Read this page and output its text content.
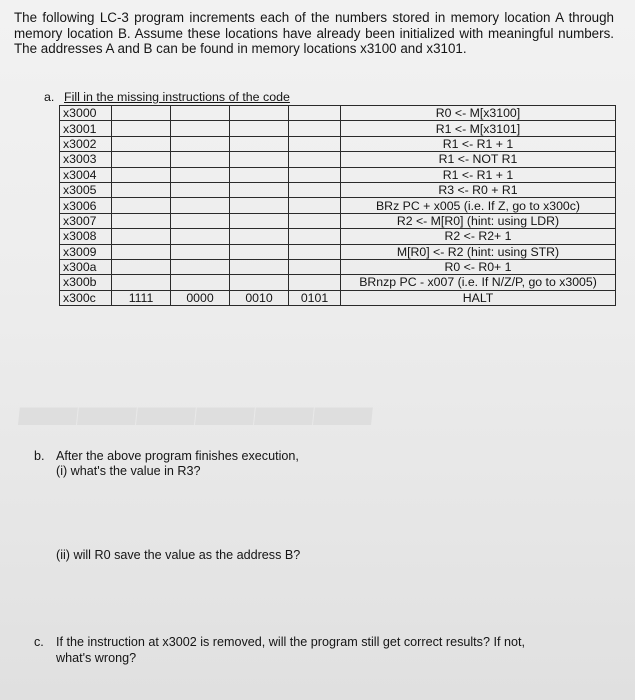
▬▬▬▬▬▬
The following LC-3 program increments each of the numbers stored in memory location A through memory location B. Assume these locations have already been initialized with meaningful numbers. The addresses A and B can be found in memory locations x3100 and x3101.
a. Fill in the missing instructions of the code
x3000					R0 <- M[x3100]
x3001					R1 <- M[x3101]
x3002					R1 <- R1 + 1
x3003					R1 <- NOT R1
x3004					R1 <- R1 + 1
x3005					R3 <- R0 + R1
x3006					BRz PC + x005 (i.e. If Z, go to x300c)
x3007					R2 <- M[R0] (hint: using LDR)
x3008					R2 <- R2+ 1
x3009					M[R0] <- R2 (hint: using STR)
x300a					R0 <- R0+ 1
x300b					BRnzp PC - x007 (i.e. If N/Z/P, go to x3005)
x300c	1111	0000	0010	0101	HALT
b. After the above program finishes execution,
(i) what's the value in R3?
(ii) will R0 save the value as the address B?
c. If the instruction at x3002 is removed, will the program still get correct results? If not,
what's wrong?
